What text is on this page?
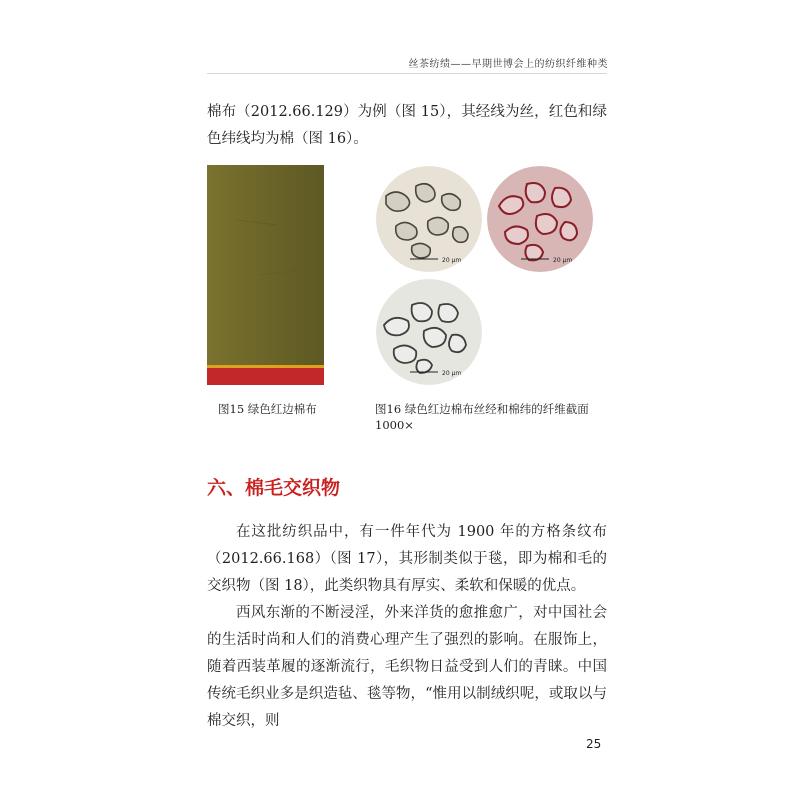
丝茶纺绩——早期世博会上的纺织纤维种类

棉布（2012.66.129）为例（图 15），其经线为丝，红色和绿色纬线均为棉（图 16）。

20 μm	20 μm
20 μm
图15 绿色红边棉布	图16 绿色红边棉布丝经和棉纬的纤维截面 1000×
六、棉毛交织物

在这批纺织品中，有一件年代为 1900 年的方格条纹布（2012.66.168）（图 17），其形制类似于毯，即为棉和毛的交织物（图 18），此类织物具有厚实、柔软和保暖的优点。

西风东渐的不断浸淫，外来洋货的愈推愈广，对中国社会的生活时尚和人们的消费心理产生了强烈的影响。在服饰上，随着西装革履的逐渐流行，毛织物日益受到人们的青睐。中国传统毛织业多是织造毡、毯等物，“惟用以制绒织呢，或取以与棉交织，则

25
